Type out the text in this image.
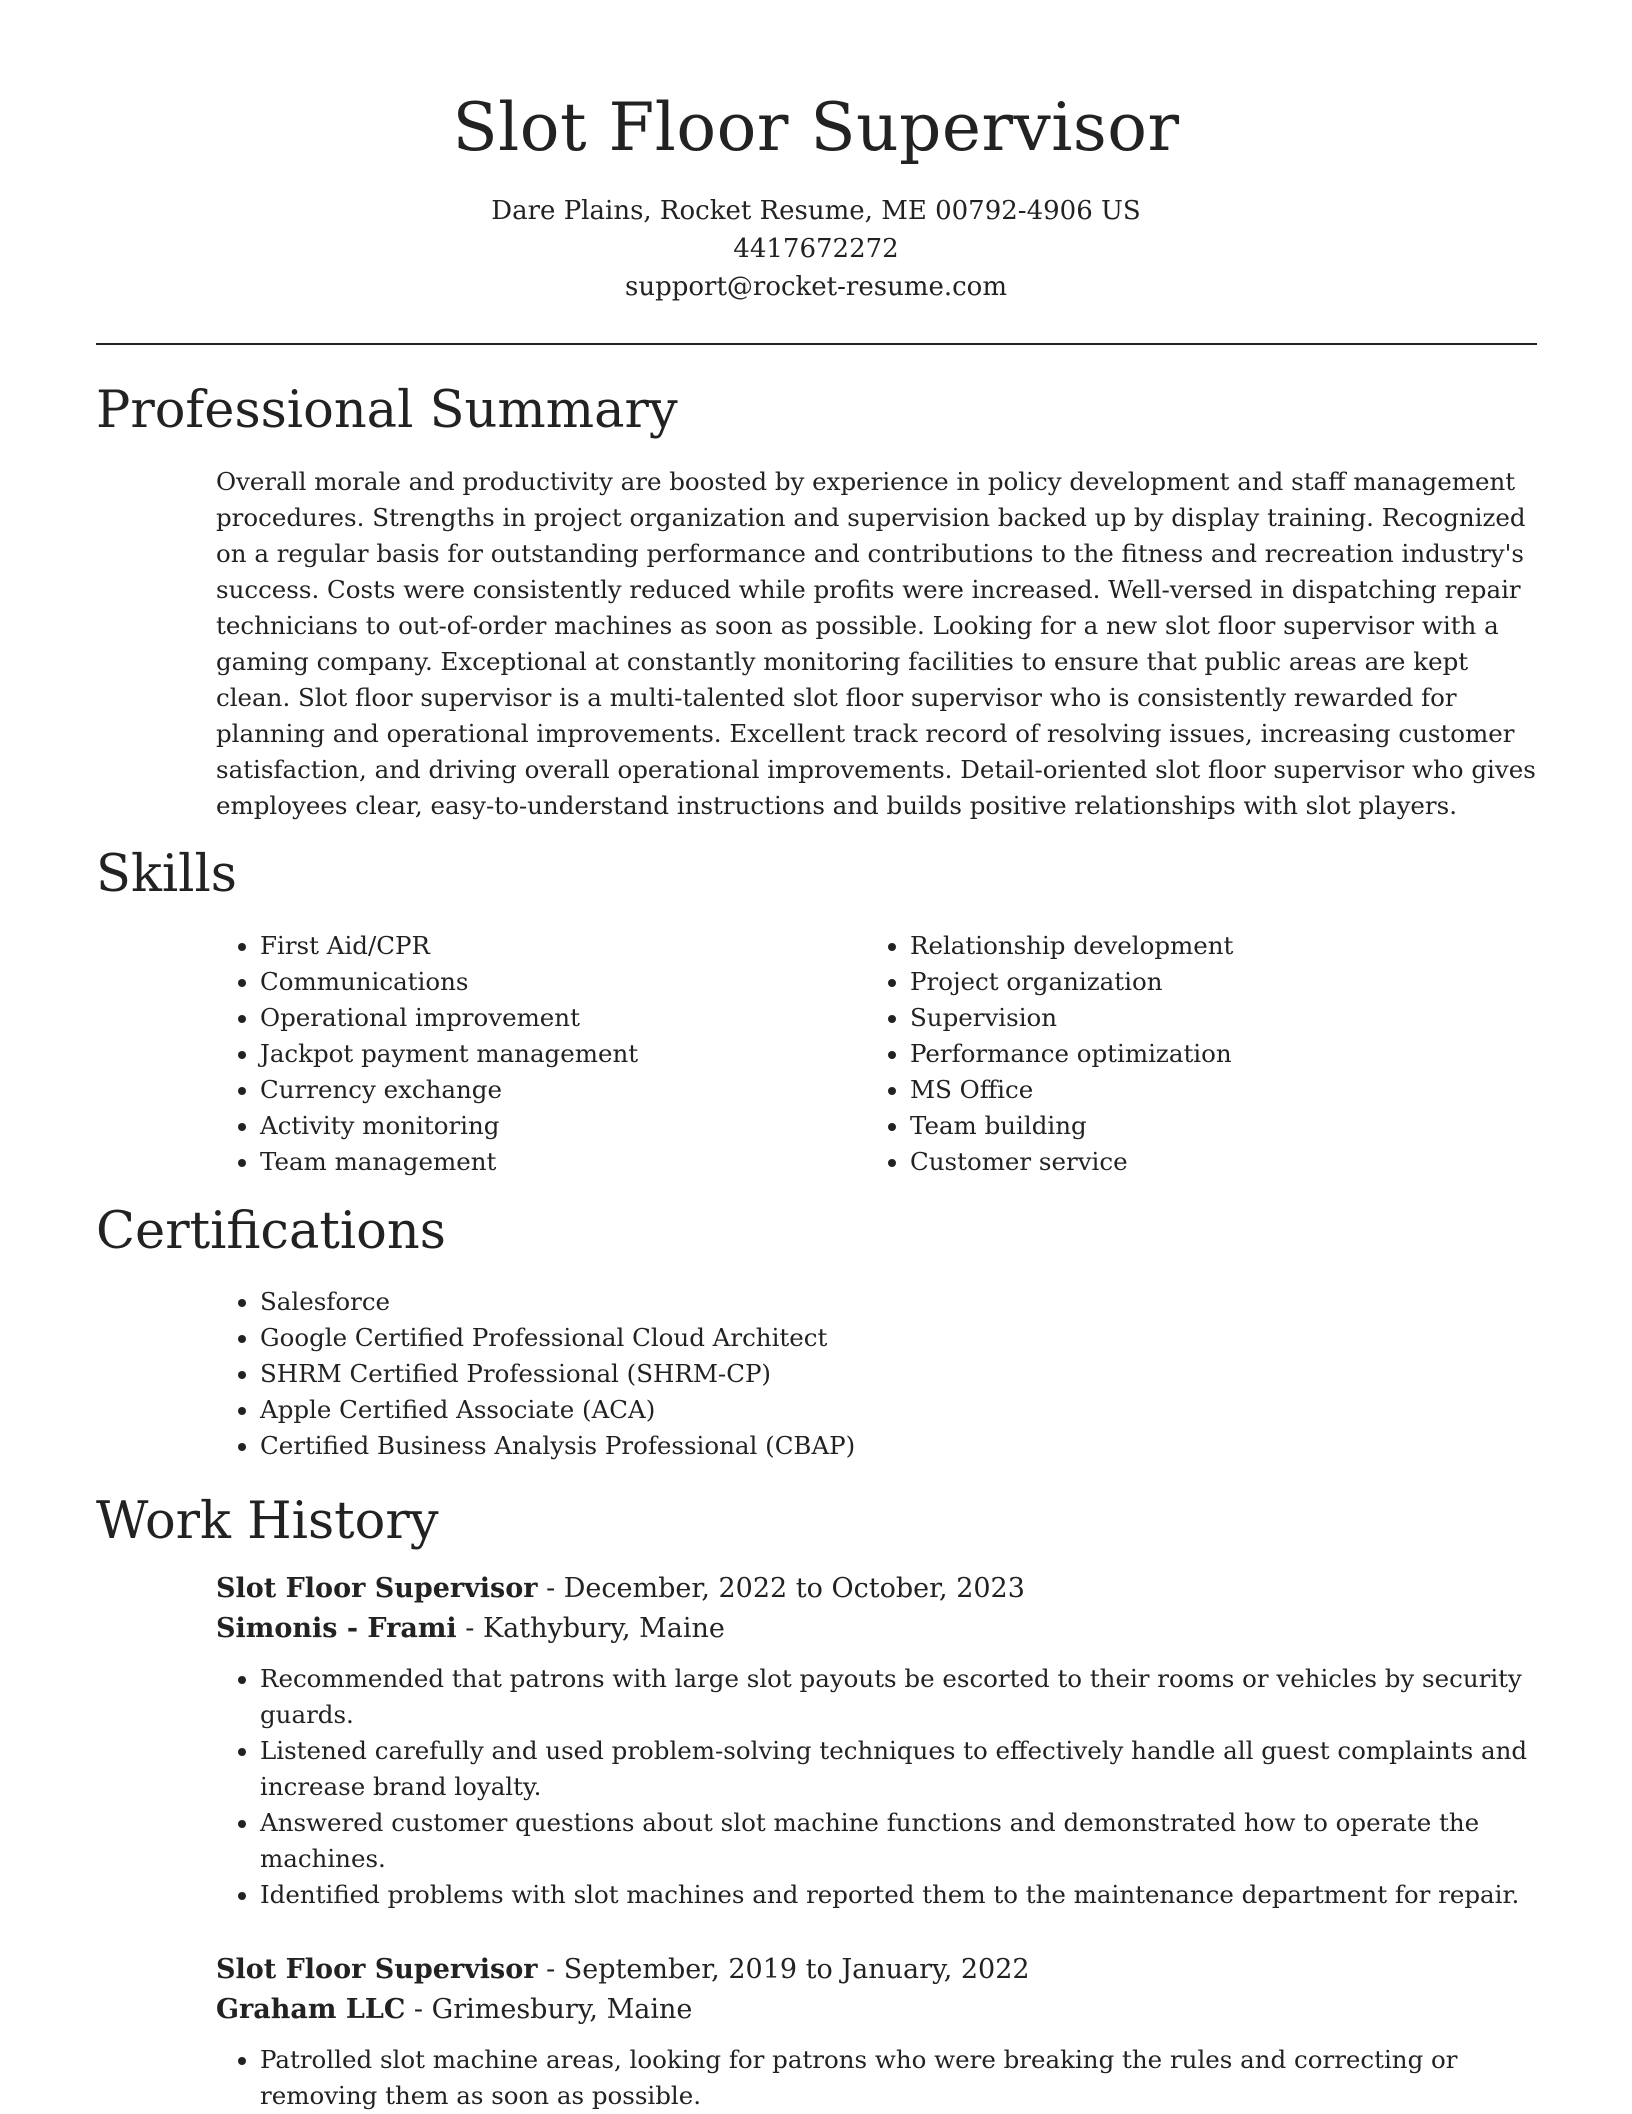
Slot Floor Supervisor
Dare Plains, Rocket Resume, ME 00792-4906 US
4417672272
support@rocket-resume.com
Professional Summary

Overall morale and productivity are boosted by experience in policy development and staff management procedures. Strengths in project organization and supervision backed up by display training. Recognized on a regular basis for outstanding performance and contributions to the fitness and recreation industry's success. Costs were consistently reduced while profits were increased. Well-versed in dispatching repair technicians to out-of-order machines as soon as possible. Looking for a new slot floor supervisor with a gaming company. Exceptional at constantly monitoring facilities to ensure that public areas are kept clean. Slot floor supervisor is a multi-talented slot floor supervisor who is consistently rewarded for planning and operational improvements. Excellent track record of resolving issues, increasing customer satisfaction, and driving overall operational improvements. Detail-oriented slot floor supervisor who gives employees clear, easy-to-understand instructions and builds positive relationships with slot players.

Skills
• First Aid/CPR
• Communications
• Operational improvement
• Jackpot payment management
• Currency exchange
• Activity monitoring
• Team management
• Relationship development
• Project organization
• Supervision
• Performance optimization
• MS Office
• Team building
• Customer service
Certifications
• Salesforce
• Google Certified Professional Cloud Architect
• SHRM Certified Professional (SHRM-CP)
• Apple Certified Associate (ACA)
• Certified Business Analysis Professional (CBAP)
Work History
Slot Floor Supervisor - December, 2022 to October, 2023
Simonis - Frami - Kathybury, Maine
• Recommended that patrons with large slot payouts be escorted to their rooms or vehicles by security guards.
• Listened carefully and used problem-solving techniques to effectively handle all guest complaints and increase brand loyalty.
• Answered customer questions about slot machine functions and demonstrated how to operate the machines.
• Identified problems with slot machines and reported them to the maintenance department for repair.
Slot Floor Supervisor - September, 2019 to January, 2022
Graham LLC - Grimesbury, Maine
• Patrolled slot machine areas, looking for patrons who were breaking the rules and correcting or removing them as soon as possible.
